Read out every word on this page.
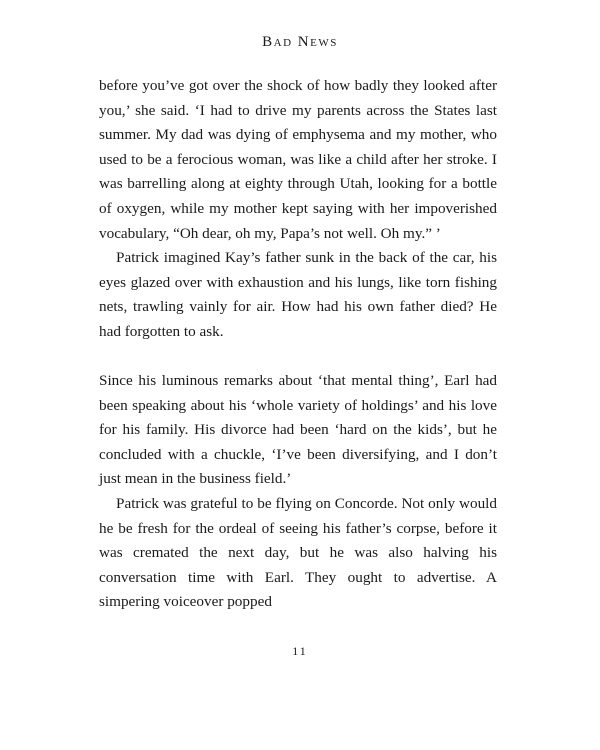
Bad News

before you’ve got over the shock of how badly they looked after you,’ she said. ‘I had to drive my parents across the States last summer. My dad was dying of emphysema and my mother, who used to be a ferocious woman, was like a child after her stroke. I was barrelling along at eighty through Utah, looking for a bottle of oxygen, while my mother kept saying with her impoverished vocabulary, “Oh dear, oh my, Papa’s not well. Oh my.” ’

Patrick imagined Kay’s father sunk in the back of the car, his eyes glazed over with exhaustion and his lungs, like torn fishing nets, trawling vainly for air. How had his own father died? He had forgotten to ask.

Since his luminous remarks about ‘that mental thing’, Earl had been speaking about his ‘whole variety of holdings’ and his love for his family. His divorce had been ‘hard on the kids’, but he concluded with a chuckle, ‘I’ve been diversifying, and I don’t just mean in the business field.’

Patrick was grateful to be flying on Concorde. Not only would he be fresh for the ordeal of seeing his father’s corpse, before it was cremated the next day, but he was also halving his conversation time with Earl. They ought to advertise. A simpering voiceover popped

11
